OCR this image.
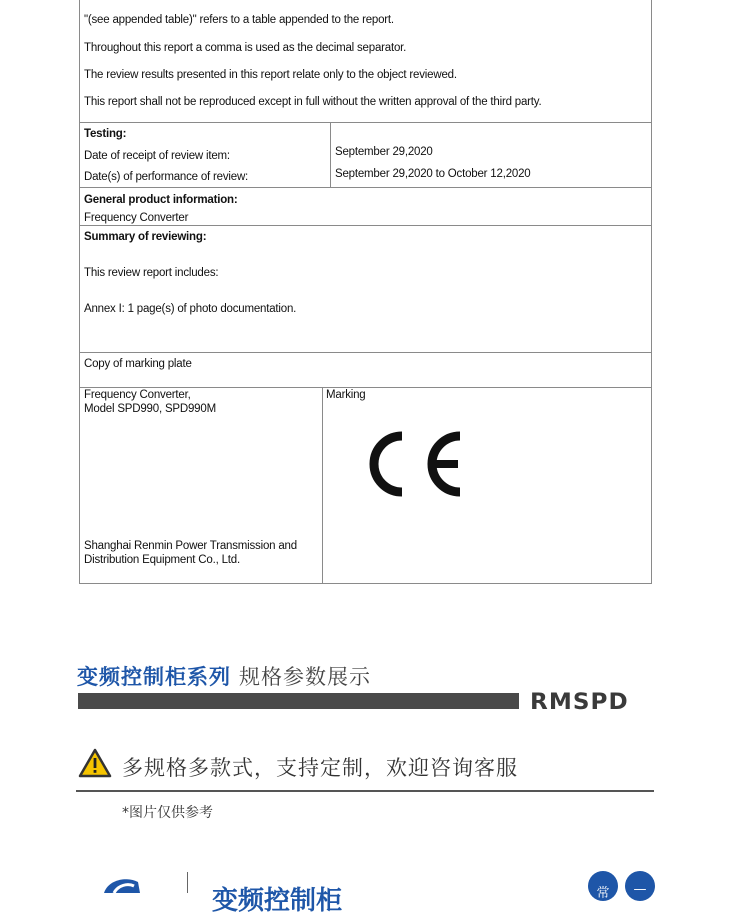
"(see appended table)" refers to a table appended to the report.
Throughout this report a comma is used as the decimal separator.
The review results presented in this report relate only to the object reviewed.
This report shall not be reproduced except in full without the written approval of the third party.
Testing:
Date of receipt of review item:
Date(s) of performance of review:
September 29,2020
September 29,2020 to October 12,2020
General product information:
Frequency Converter
Summary of reviewing:
This review report includes:
Annex I: 1 page(s) of photo documentation.
Copy of marking plate
Frequency Converter,
Model SPD990, SPD990M
Shanghai Renmin Power Transmission and
Distribution Equipment Co., Ltd.
Marking
变频控制柜系列 规格参数展示
RMSPD
多规格多款式，支持定制，欢迎咨询客服
*图片仅供参考
变频控制柜	常	—
